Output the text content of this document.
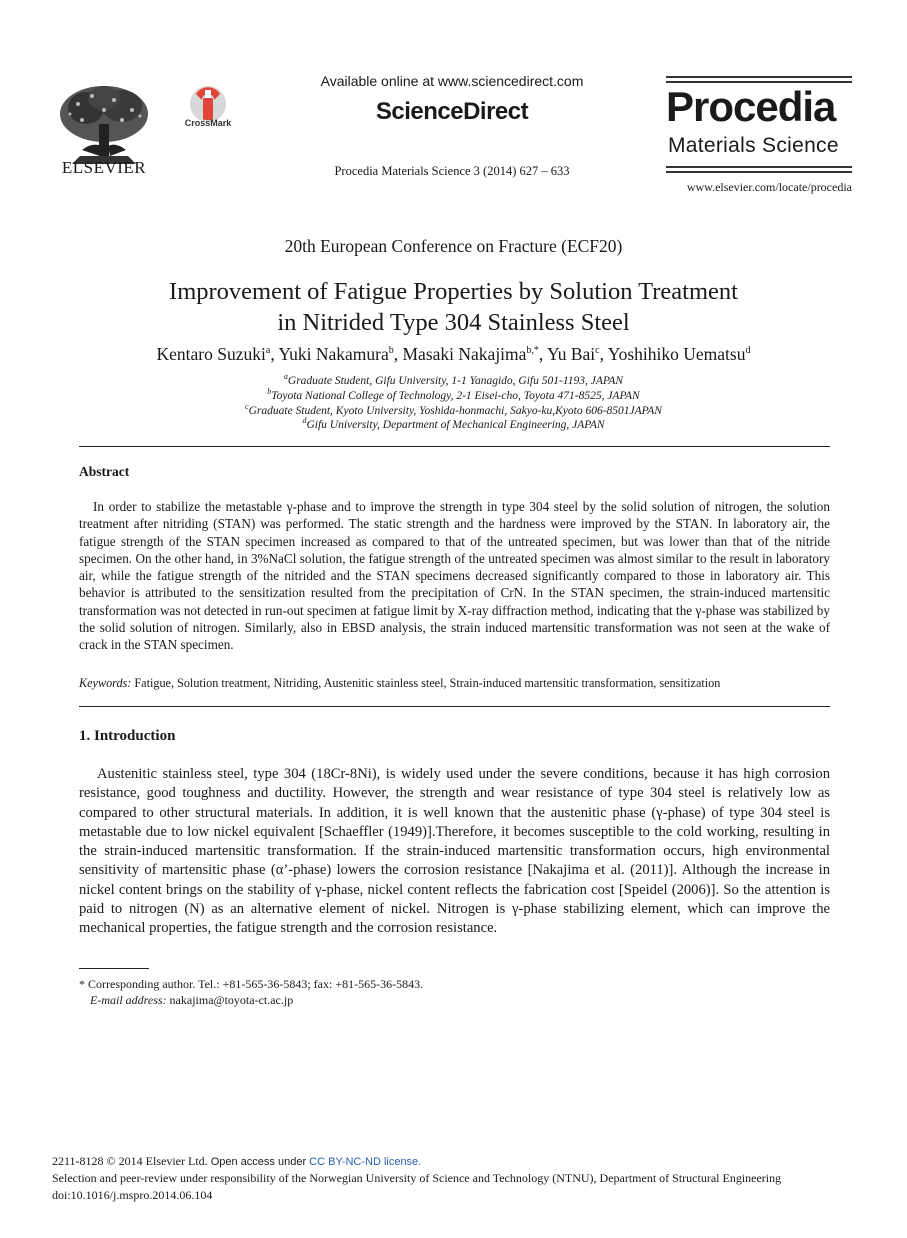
ELSEVIER
CrossMark
Available online at www.sciencedirect.com
ScienceDirect
Procedia Materials Science 3 (2014) 627 – 633
Procedia
Materials Science
www.elsevier.com/locate/procedia
20th European Conference on Fracture (ECF20)
Improvement of Fatigue Properties by Solution Treatment
in Nitrided Type 304 Stainless Steel
Kentaro Suzuki$^a$, Yuki Nakamura$^b$, Masaki Nakajima$^{b,*}$, Yu Bai$^c$, Yoshihiko Uematsu$^d$
$^a$Graduate Student, Gifu University, 1-1 Yanagido, Gifu 501-1193, JAPAN
$^b$Toyota National College of Technology, 2-1 Eisei-cho, Toyota 471-8525, JAPAN
$^c$Graduate Student, Kyoto University, Yoshida-honmachi, Sakyo-ku,Kyoto 606-8501JAPAN
$^d$Gifu University, Department of Mechanical Engineering, JAPAN
Abstract
In order to stabilize the metastable γ-phase and to improve the strength in type 304 steel by the solid solution of nitrogen, the solution treatment after nitriding (STAN) was performed. The static strength and the hardness were improved by the STAN. In laboratory air, the fatigue strength of the STAN specimen increased as compared to that of the untreated specimen, but was lower than that of the nitride specimen. On the other hand, in 3%NaCl solution, the fatigue strength of the untreated specimen was almost similar to the result in laboratory air, while the fatigue strength of the nitrided and the STAN specimens decreased significantly compared to those in laboratory air. This behavior is attributed to the sensitization resulted from the precipitation of CrN. In the STAN specimen, the strain-induced martensitic transformation was not detected in run-out specimen at fatigue limit by X-ray diffraction method, indicating that the γ-phase was stabilized by the solid solution of nitrogen. Similarly, also in EBSD analysis, the strain induced martensitic transformation was not seen at the wake of crack in the STAN specimen.
Keywords: Fatigue, Solution treatment, Nitriding, Austenitic stainless steel, Strain-induced martensitic transformation, sensitization
1. Introduction
Austenitic stainless steel, type 304 (18Cr-8Ni), is widely used under the severe conditions, because it has high corrosion resistance, good toughness and ductility. However, the strength and wear resistance of type 304 steel is relatively low as compared to other structural materials. In addition, it is well known that the austenitic phase (γ-phase) of type 304 steel is metastable due to low nickel equivalent [Schaeffler (1949)].Therefore, it becomes susceptible to the cold working, resulting in the strain-induced martensitic transformation. If the strain-induced martensitic transformation occurs, high environmental sensitivity of martensitic phase (α’-phase) lowers the corrosion resistance [Nakajima et al. (2011)]. Although the increase in nickel content brings on the stability of γ-phase, nickel content reflects the fabrication cost [Speidel (2006)]. So the attention is paid to nitrogen (N) as an alternative element of nickel. Nitrogen is γ-phase stabilizing element, which can improve the mechanical properties, the fatigue strength and the corrosion resistance.
* Corresponding author. Tel.: +81-565-36-5843; fax: +81-565-36-5843.
E-mail address: nakajima@toyota-ct.ac.jp
2211-8128 © 2014 Elsevier Ltd. Open access under CC BY-NC-ND license.
Selection and peer-review under responsibility of the Norwegian University of Science and Technology (NTNU), Department of Structural Engineering
doi:10.1016/j.mspro.2014.06.104
